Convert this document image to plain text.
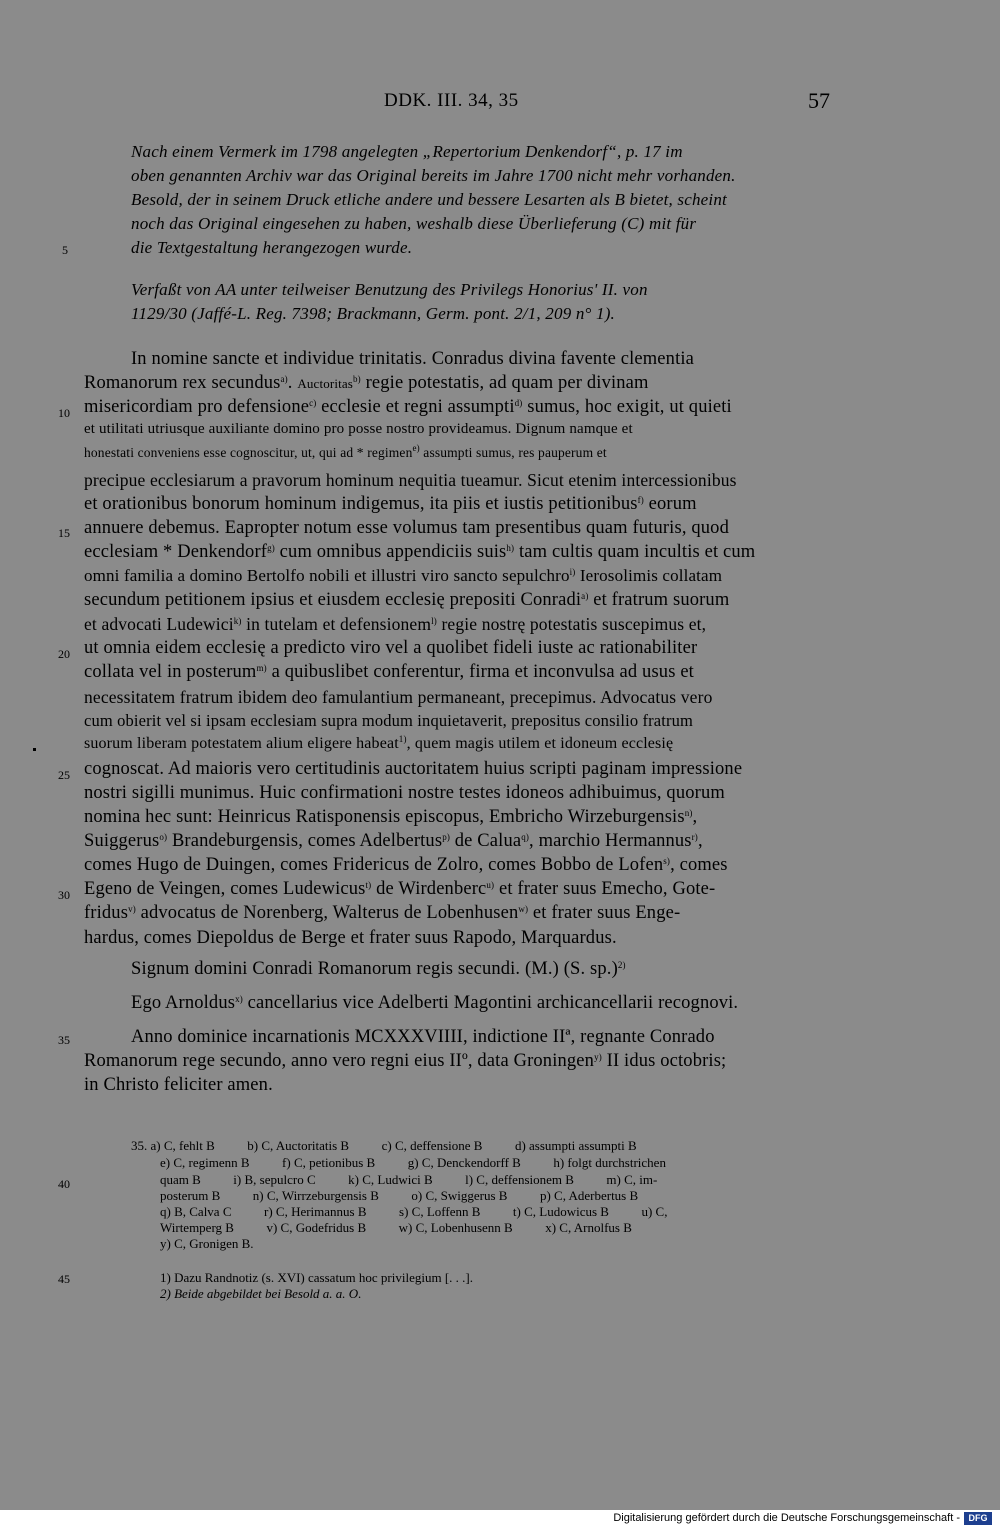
DDK. III. 34, 35	57
Nach einem Vermerk im 1798 angelegten „Repertorium Denkendorf“, p. 17 im
oben genannten Archiv war das Original bereits im Jahre 1700 nicht mehr vorhanden.
Besold, der in seinem Druck etliche andere und bessere Lesarten als B bietet, scheint
noch das Original eingesehen zu haben, weshalb diese Überlieferung (C) mit für
die Textgestaltung herangezogen wurde.
Verfaßt von AA unter teilweiser Benutzung des Privilegs Honorius' II. von
1129/30 (Jaffé-L. Reg. 7398; Brackmann, Germ. pont. 2/1, 209 n° 1).
5
10
15
20
25
30
35
40
45
In nomine sancte et individue trinitatis. Conradus divina favente clementia
Romanorum rex secundus$^{a)}$. Auctoritas$^{b)}$ regie potestatis, ad quam per divinam
misericordiam pro defensione$^{c)}$ ecclesie et regni assumpti$^{d)}$ sumus, hoc exigit, ut quieti
et utilitati utriusque auxiliante domino pro posse nostro provideamus. Dignum namque et
honestati conveniens esse cognoscitur, ut, qui ad * regimen$^{e)}$ assumpti sumus, res pauperum et
precipue ecclesiarum a pravorum hominum nequitia tueamur. Sicut etenim intercessionibus
et orationibus bonorum hominum indigemus, ita piis et iustis petitionibus$^{f)}$ eorum
annuere debemus. Eapropter notum esse volumus tam presentibus quam futuris, quod
ecclesiam * Denkendorf$^{g)}$ cum omnibus appendiciis suis$^{h)}$ tam cultis quam incultis et cum
omni familia a domino Bertolfo nobili et illustri viro sancto sepulchro$^{i)}$ Ierosolimis collatam
secundum petitionem ipsius et eiusdem ecclesię prepositi Conradi$^{a)}$ et fratrum suorum
et advocati Ludewici$^{k)}$ in tutelam et defensionem$^{l)}$ regie nostrę potestatis suscepimus et,
ut omnia eidem ecclesię a predicto viro vel a quolibet fideli iuste ac rationabiliter
collata vel in posterum$^{m)}$ a quibuslibet conferentur, firma et inconvulsa ad usus et
necessitatem fratrum ibidem deo famulantium permaneant, precepimus. Advocatus vero
cum obierit vel si ipsam ecclesiam supra modum inquietaverit, prepositus consilio fratrum
suorum liberam potestatem alium eligere habeat$^{1)}$, quem magis utilem et idoneum ecclesię
cognoscat. Ad maioris vero certitudinis auctoritatem huius scripti paginam impressione
nostri sigilli munimus. Huic confirmationi nostre testes idoneos adhibuimus, quorum
nomina hec sunt: Heinricus Ratisponensis episcopus, Embricho Wirzeburgensis$^{n)}$,
Suiggerus$^{o)}$ Brandeburgensis, comes Adelbertus$^{p)}$ de Calua$^{q)}$, marchio Hermannus$^{r)}$,
comes Hugo de Duingen, comes Fridericus de Zolro, comes Bobbo de Lofen$^{s)}$, comes
Egeno de Veingen, comes Ludewicus$^{t)}$ de Wirdenberc$^{u)}$ et frater suus Emecho, Gote-
fridus$^{v)}$ advocatus de Norenberg, Walterus de Lobenhusen$^{w)}$ et frater suus Enge-
hardus, comes Diepoldus de Berge et frater suus Rapodo, Marquardus.
Signum domini Conradi Romanorum regis secundi. (M.) (S. sp.)$^{2)}$
Ego Arnoldus$^{x)}$ cancellarius vice Adelberti Magontini archicancellarii recognovi.
Anno dominice incarnationis MCXXXVIIII, indictione IIª, regnante Conrado
Romanorum rege secundo, anno vero regni eius IIº, data Groningen$^{y)}$ II idus octobris;
in Christo feliciter amen.
35. a) C, fehlt B          b) C, Auctoritatis B          c) C, deffensione B          d) assumpti assumpti B
e) C, regimenn B          f) C, petionibus B          g) C, Denckendorff B          h) folgt durchstrichen
quam B          i) B, sepulcro C          k) C, Ludwici B          l) C, deffensionem B          m) C, im-
posterum B          n) C, Wirrzeburgensis B          o) C, Swiggerus B          p) C, Aderbertus B
q) B, Calva C          r) C, Herimannus B          s) C, Loffenn B          t) C, Ludowicus B          u) C,
Wirtemperg B          v) C, Godefridus B          w) C, Lobenhusenn B          x) C, Arnolfus B
y) C, Gronigen B.
1) Dazu Randnotiz (s. XVI) cassatum hoc privilegium [. . .].
2) Beide abgebildet bei Besold a. a. O.
Digitalisierung gefördert durch die Deutsche Forschungsgemeinschaft - DFG
